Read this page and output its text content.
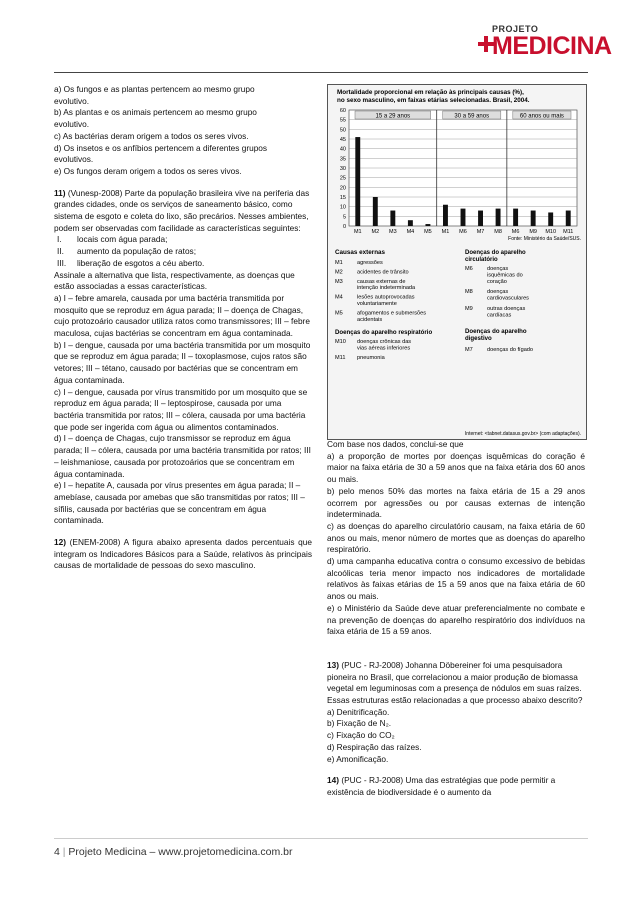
PROJETO
MEDICINA

a) Os fungos e as plantas pertencem ao mesmo grupo

evolutivo.

b) As plantas e os animais pertencem ao mesmo grupo

evolutivo.

c) As bactérias deram origem a todos os seres vivos.

d) Os insetos e os anfíbios pertencem a diferentes grupos

evolutivos.

e) Os fungos deram origem a todos os seres vivos.

11) (Vunesp-2008) Parte da população brasileira vive na periferia das grandes cidades, onde os serviços de saneamento básico, como sistema de esgoto e coleta do lixo, são precários. Nesses ambientes, podem ser observadas com facilidade as características seguintes:

I.	locais com água parada;
II.	aumento da população de ratos;
III.	liberação de esgotos a céu aberto.

Assinale a alternativa que lista, respectivamente, as doenças que estão associadas a essas características.

a) I – febre amarela, causada por uma bactéria transmitida por mosquito que se reproduz em água parada; II – doença de Chagas, cujo protozoário causador utiliza ratos como transmissores; III – febre maculosa, cujas bactérias se concentram em água contaminada.

b) I – dengue, causada por uma bactéria transmitida por um mosquito que se reproduz em água parada; II – toxoplasmose, cujos ratos são vetores; III – tétano, causado por bactérias que se concentram em água contaminada.

c) I – dengue, causada por vírus transmitido por um mosquito que se reproduz em água parada; II – leptospirose, causada por uma bactéria transmitida por ratos; III – cólera, causada por uma bactéria que pode ser ingerida com água ou alimentos contaminados.

d) I – doença de Chagas, cujo transmissor se reproduz em água parada; II – cólera, causada por uma bactéria transmitida por ratos; III – leishmaniose, causada por protozoários que se concentram em água contaminada.

e) I – hepatite A, causada por vírus presentes em água parada; II – amebíase, causada por amebas que são transmitidas por ratos; III – sífilis, causada por bactérias que se concentram em água contaminada.

12) (ENEM-2008) A figura abaixo apresenta dados percentuais que integram os Indicadores Básicos para a Saúde, relativos às principais causas de mortalidade de pessoas do sexo masculino.

Mortalidade proporcional em relação às principais causas (%),
no sexo masculino, em faixas etárias selecionadas. Brasil, 2004.
60
55
50
45
40
35
30
25
20
15
10
5
0
15 a 29 anos	30 a 59 anos	60 anos ou mais
M1 M2 M3 M4 M5 M1 M6 M7 M8 M6 M9 M10 M11
Fonte: Ministério da Saúde/SUS.
Causas externas	Doenças do aparelho circulatório
M1	agressões
M2	acidentes de trânsito
M3	causas externas de intenção indeterminada
M4	lesões autoprovocadas voluntariamente
M5	afogamentos e submersões acidentais
Doenças do aparelho respiratório
M10 doenças crônicas das vias aéreas inferiores
M11 pneumonia
M6	doenças isquêmicas do coração
M8	doenças cardiovasculares
M9	outras doenças cardíacas
Doenças do aparelho digestivo
M7	doenças do fígado
Internet: <tabnet.datasus.gov.br> (com adaptações).

Com base nos dados, conclui-se que

a) a proporção de mortes por doenças isquêmicas do coração é maior na faixa etária de 30 a 59 anos que na faixa etária dos 60 anos ou mais.

b) pelo menos 50% das mortes na faixa etária de 15 a 29 anos ocorrem por agressões ou por causas externas de intenção indeterminada.

c) as doenças do aparelho circulatório causam, na faixa etária de 60 anos ou mais, menor número de mortes que as doenças do aparelho respiratório.

d) uma campanha educativa contra o consumo excessivo de bebidas alcoólicas teria menor impacto nos indicadores de mortalidade relativos às faixas etárias de 15 a 59 anos que na faixa etária de 60 anos ou mais.

e) o Ministério da Saúde deve atuar preferencialmente no combate e na prevenção de doenças do aparelho respiratório dos indivíduos na faixa etária de 15 a 59 anos.

13) (PUC - RJ-2008) Johanna Döbereiner foi uma pesquisadora pioneira no Brasil, que correlacionou a maior produção de biomassa vegetal em leguminosas com a presença de nódulos em suas raízes.

Essas estruturas estão relacionadas a que processo abaixo descrito?

a) Denitrificação.

b) Fixação de N₂.

c) Fixação do CO₂

d) Respiração das raízes.

e) Amonificação.

14) (PUC - RJ-2008) Uma das estratégias que pode permitir a existência de biodiversidade é o aumento da

4 | Projeto Medicina – www.projetomedicina.com.br
